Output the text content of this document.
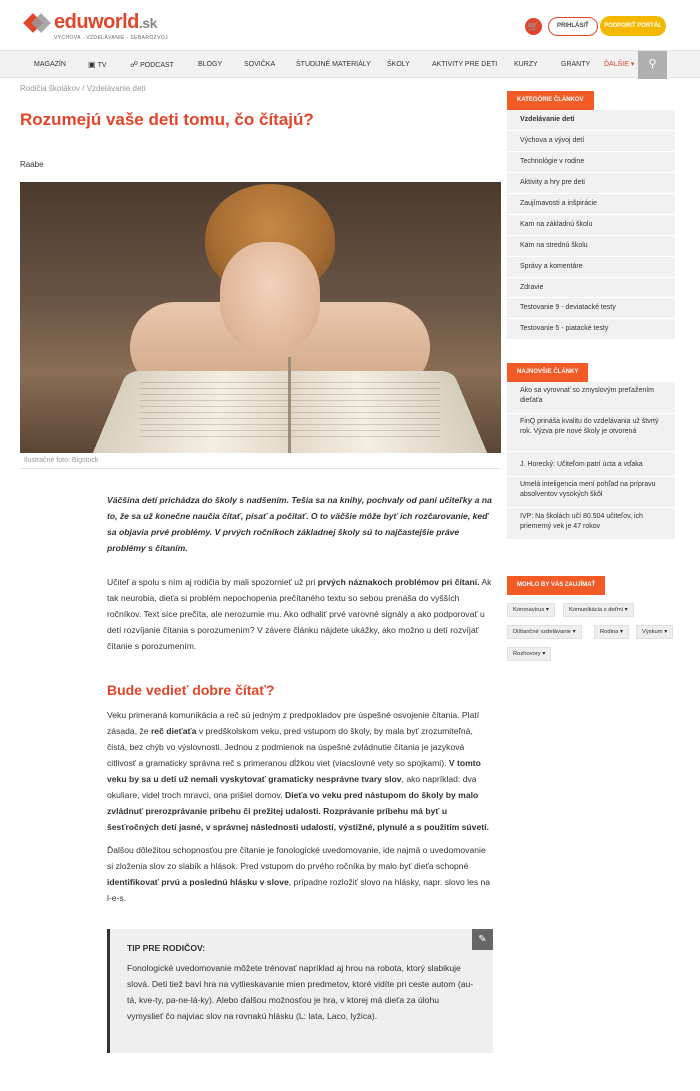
eduworld.sk
VÝCHOVA · VZDELÁVANIE · SEBAROZVOJ
🛒	PRIHLÁSIŤ	PODPORIŤ PORTÁL
MAGAZÍN	▣ TV	☍ PODCAST	BLOGY	SOVIČKA	ŠTUDIJNÉ MATERIÁLY ŠKOLY	AKTIVITY PRE DETI KURZY	GRANTY ĎALŠIE ▾	⚲
Rodičia školákov / Vzdelávanie detí
Rozumejú vaše deti tomu, čo čítajú?
Raabe
Ilustračné foto: Bigstock

Väčšina detí prichádza do školy s nadšením. Tešia sa na knihy, pochvaly od pani učiteľky a na to, že sa už konečne naučia čítať, písať a počítať. O to väčšie môže byť ich rozčarovanie, keď sa objavia prvé problémy. V prvých ročníkoch základnej školy sú to najčastejšie práve problémy s čítaním.

Učiteľ a spolu s ním aj rodičia by mali spozornieť už pri prvých náznakoch problémov pri čítaní. Ak tak neurobia, dieťa si problém nepochopenia prečítaného textu so sebou prenáša do vyšších ročníkov. Text síce prečíta, ale nerozumie mu. Ako odhaliť prvé varovné signály a ako podporovať u detí rozvíjanie čítania s porozumením? V závere článku nájdete ukážky, ako možno u detí rozvíjať čítanie s porozumením.

Bude vedieť dobre čítať?

Veku primeraná komunikácia a reč sú jedným z predpokladov pre úspešné osvojenie čítania. Platí zásada, že reč dieťaťa v predškolskom veku, pred vstupom do školy, by mala byť zrozumiteľná, čistá, bez chýb vo výslovnosti. Jednou z podmienok na úspešné zvládnutie čítania je jazyková citlivosť a gramaticky správna reč s primeranou dĺžkou viet (viacslovné vety so spojkami). V tomto veku by sa u detí už nemali vyskytovať gramaticky nesprávne tvary slov, ako napríklad: dva okuliare, videl troch mravci, ona prišiel domov. Dieťa vo veku pred nástupom do školy by malo zvládnuť prerozprávanie príbehu či prežitej udalosti. Rozprávanie príbehu má byť u šesťročných detí jasné, v správnej následnosti udalostí, výstižné, plynulé a s použitím súvetí.

Ďalšou dôležitou schopnosťou pre čítanie je fonologické uvedomovanie, ide najmä o uvedomovanie si zloženia slov zo slabík a hlások. Pred vstupom do prvého ročníka by malo byť dieťa schopné identifikovať prvú a poslednú hlásku v slove, prípadne rozložiť slovo na hlásky, napr. slovo les na l-e-s.

TIP PRE RODIČOV:
Fonologické uvedomovanie môžete trénovať napríklad aj hrou na robota, ktorý slabikuje slová. Deti tiež baví hra na vytlieskavanie mien predmetov, ktoré vidíte pri ceste autom (au-tá, kve-ty, pa-ne-lá-ky). Alebo ďalšou možnosťou je hra, v ktorej má dieťa za úlohu vymyslieť čo najviac slov na rovnakú hlásku (L: lata, Laco, lyžica).
✎
KATEGÓRIE ČLÁNKOV
Vzdelávanie detí
Výchova a vývoj detí
Technológie v rodine
Aktivity a hry pre deti
Zaujímavosti a inšpirácie
Kam na základnú školu
Kam na strednú školu
Správy a komentáre
Zdravie
Testovanie 9 - deviatacké testy
Testovanie 5 - piatacké testy
NAJNOVŠIE ČLÁNKY
Ako sa vyrovnať so zmyslovým preťažením dieťaťa
FinQ prináša kvalitu do vzdelávania už štvrtý rok. Výzva pre nové školy je otvorená
J. Horecký: Učiteľom patrí úcta a vďaka
Umelá inteligencia mení pohľad na prípravu absolventov vysokých škôl
IVP: Na školách učí 80.504 učiteľov, ich priemerný vek je 47 rokov
MOHLO BY VÁS ZAUJÍMAŤ
Koronavírus ▾	Komunikácia s deťmi ▾
Dištančné vzdelávanie ▾	Rodina ▾	Výskum ▾
Rozhovory ▾
